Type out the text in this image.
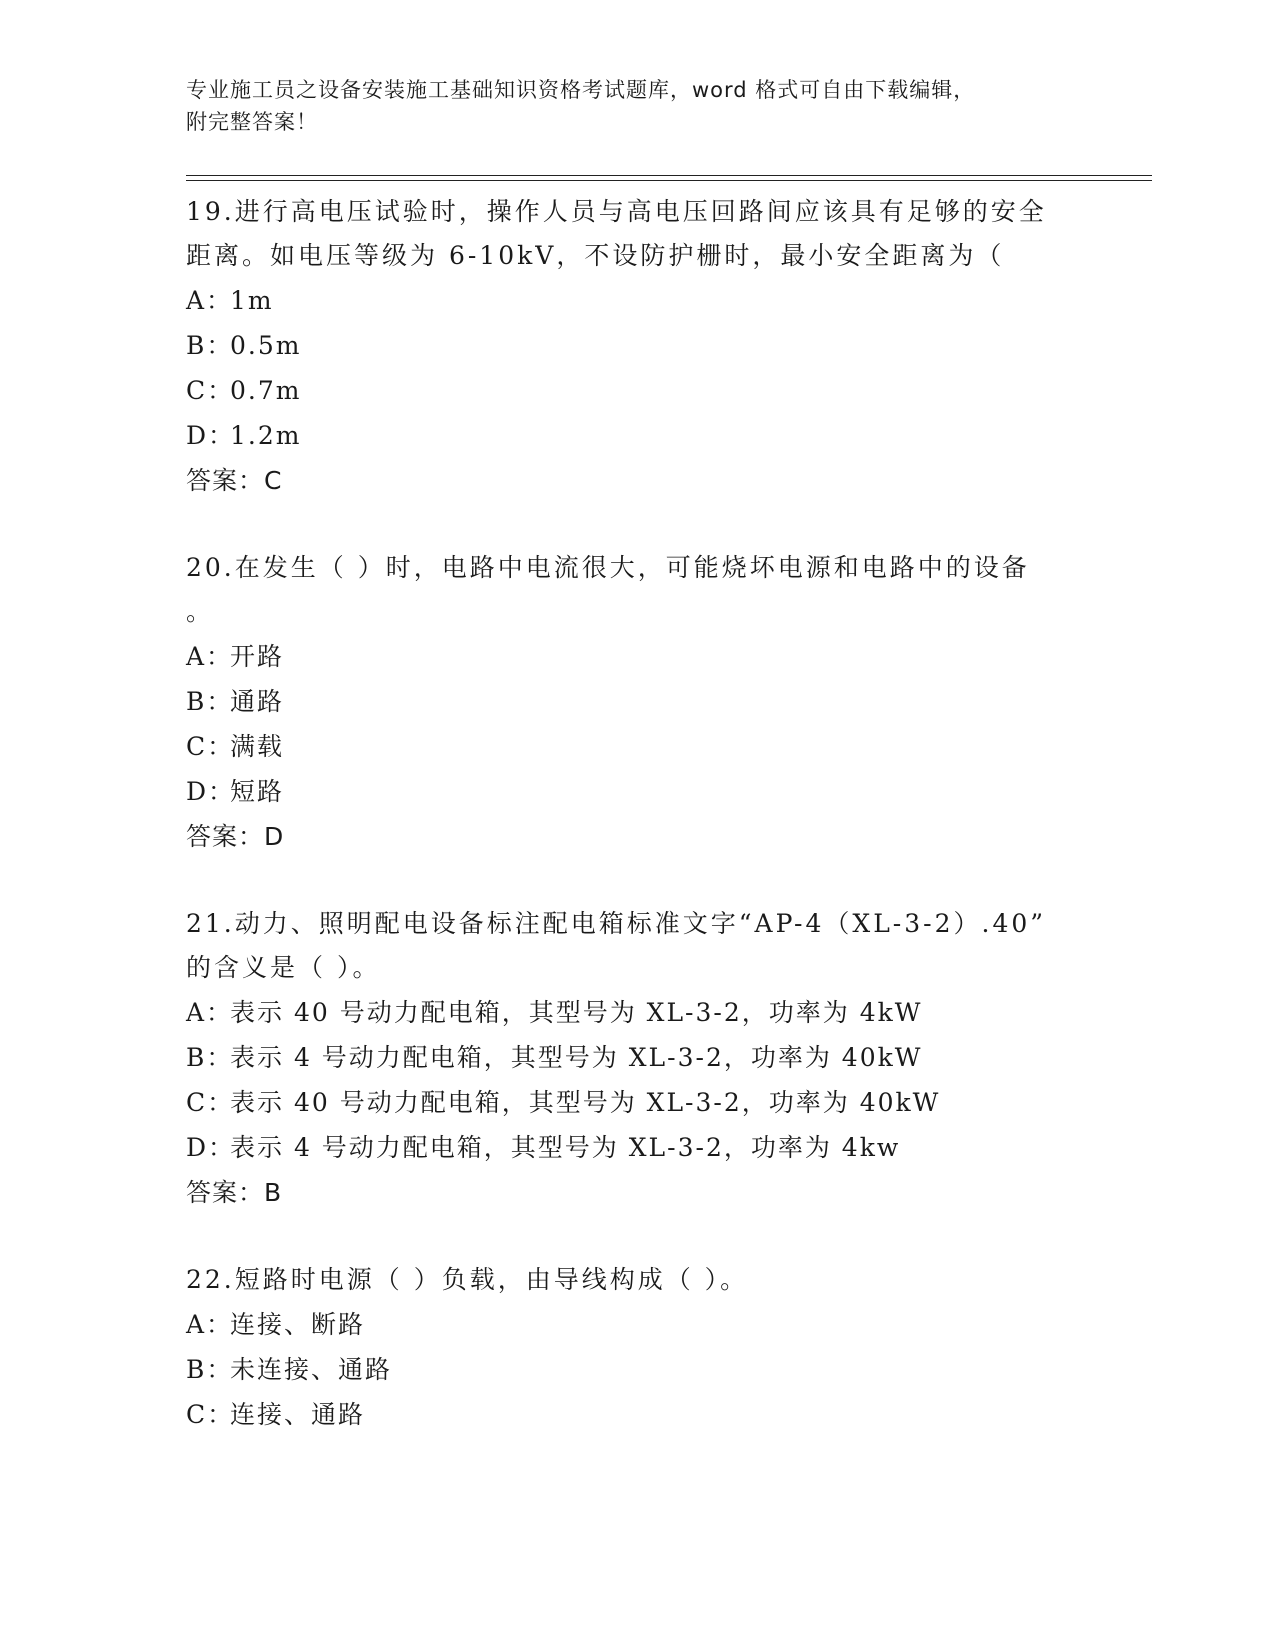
专业施工员之设备安装施工基础知识资格考试题库，word 格式可自由下载编辑，
附完整答案！

19.进行高电压试验时，操作人员与高电压回路间应该具有足够的安全
距离。如电压等级为 6-10kV，不设防护栅时，最小安全距离为（

A：
1m
B：
0.5m
C：
0.7m
D：
1.2m
答案：C

20.在发生（ ）时，电路中电流很大，可能烧坏电源和电路中的设备
。

A：
开路
B：
通路
C：
满载
D：
短路
答案：D

21.动力、照明配电设备标注配电箱标准文字“AP-4（XL-3-2）.40”
的含义是（ ）。

A：
表示 40 号动力配电箱，其型号为 XL-3-2，功率为 4kW
B：
表示 4 号动力配电箱，其型号为 XL-3-2，功率为 40kW
C：
表示 40 号动力配电箱，其型号为 XL-3-2，功率为 40kW
D：
表示 4 号动力配电箱，其型号为 XL-3-2，功率为 4kw
答案：B

22.短路时电源（ ）负载，由导线构成（ ）。

A：
连接、断路
B：
未连接、通路
C：
连接、通路
